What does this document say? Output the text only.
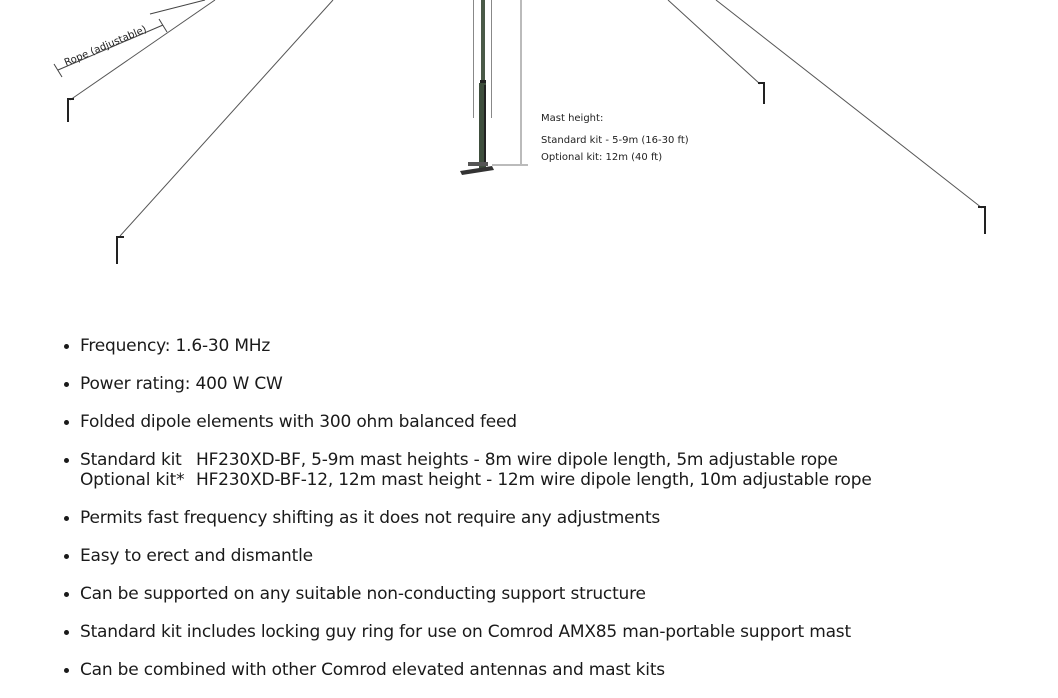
Rope (adjustable)
Mast height:
Standard kit - 5-9m (16-30 ft)
Optional kit: 12m (40 ft)
Frequency: 1.6-30 MHz
Power rating: 400 W CW
Folded dipole elements with 300 ohm balanced feed
Standard kit HF230XD-BF, 5-9m mast heights - 8m wire dipole length, 5m adjustable rope
Optional kit* HF230XD-BF-12, 12m mast height - 12m wire dipole length, 10m adjustable rope
Permits fast frequency shifting as it does not require any adjustments
Easy to erect and dismantle
Can be supported on any suitable non-conducting support structure
Standard kit includes locking guy ring for use on Comrod AMX85 man-portable support mast
Can be combined with other Comrod elevated antennas and mast kits
